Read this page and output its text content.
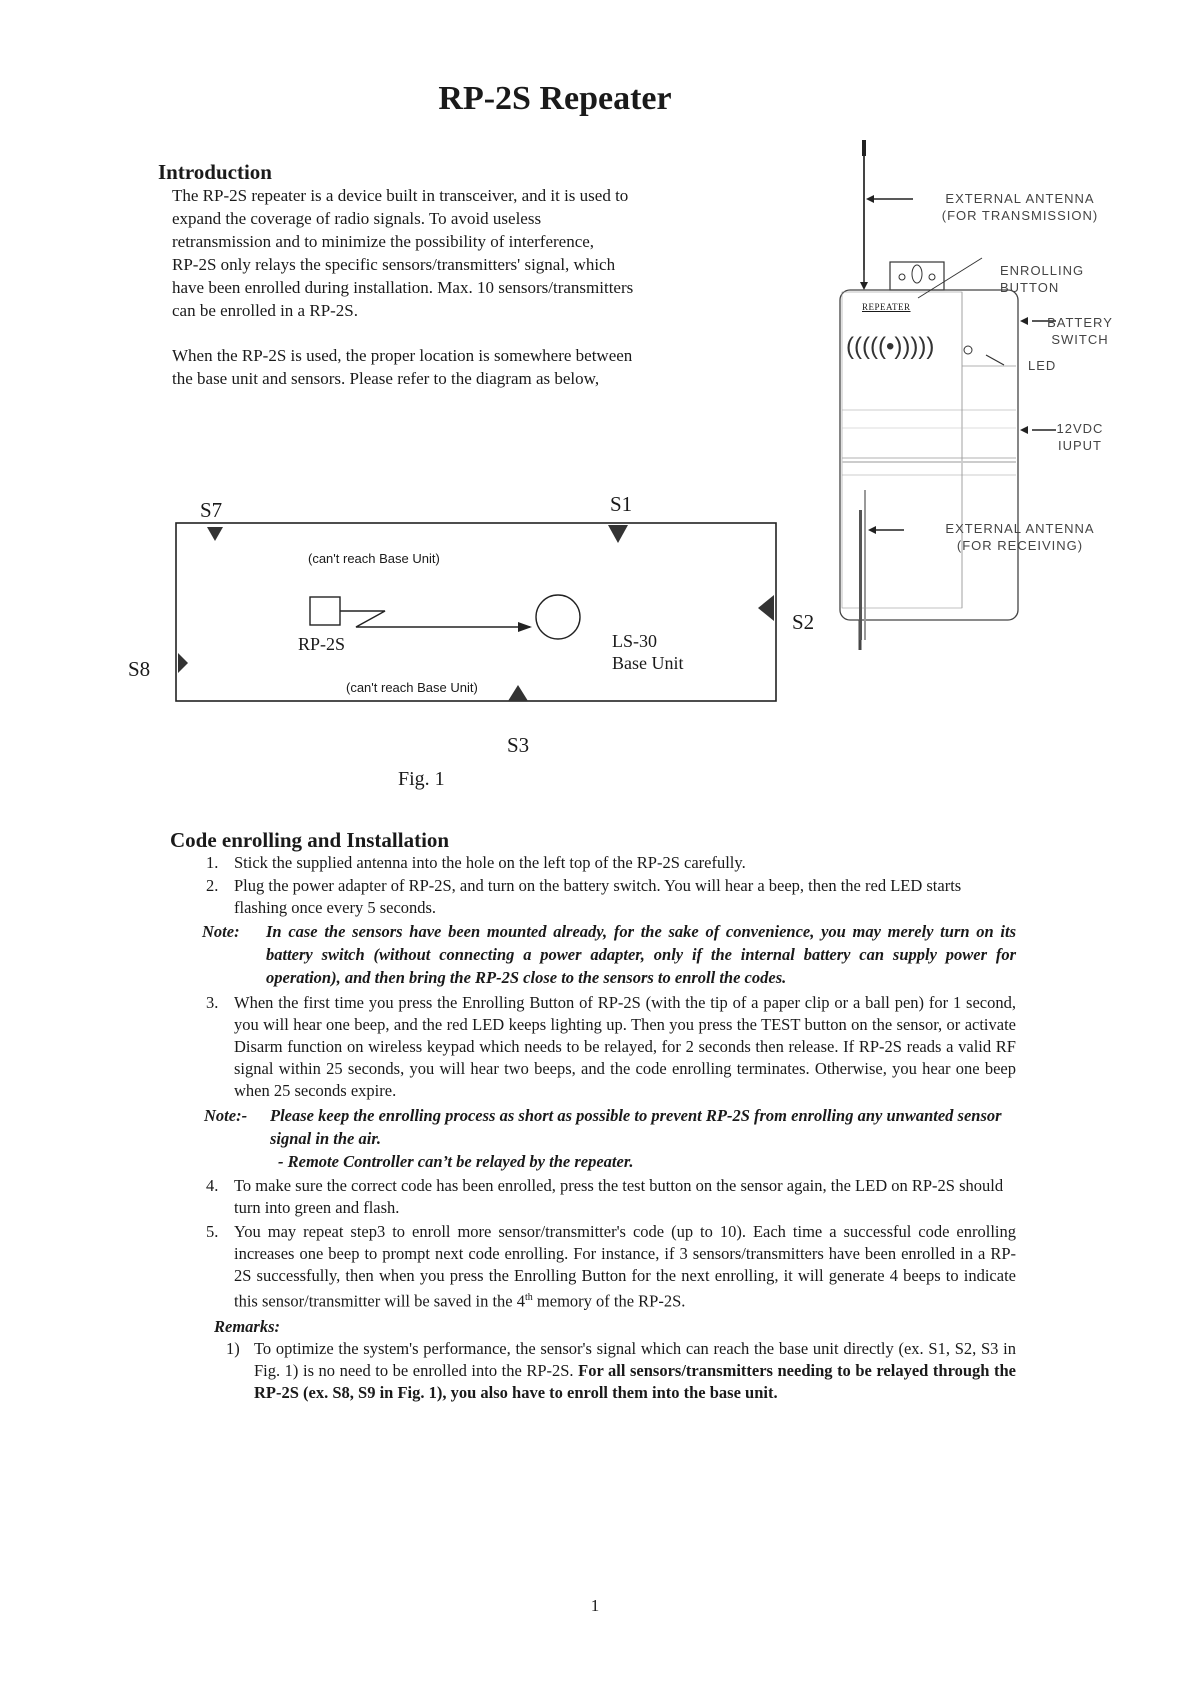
RP-2S Repeater
Introduction
The RP-2S repeater is a device built in transceiver, and it is used to
expand the coverage of radio signals. To avoid useless
retransmission and to minimize the possibility of interference,
RP-2S only relays the specific sensors/transmitters' signal, which
have been enrolled during installation. Max. 10 sensors/transmitters
can be enrolled in a RP-2S.
When the RP-2S is used, the proper location is somewhere between
the base unit and sensors. Please refer to the diagram as below,
(((((•)))))
EXTERNAL ANTENNA
(FOR TRANSMISSION)
ENROLLING
BUTTON
REPEATER
BATTERY
SWITCH
LED
12VDC
IUPUT
EXTERNAL ANTENNA
(FOR RECEIVING)
S7	S1
S2
S8
S3
(can't reach Base Unit)
(can't reach Base Unit)
RP-2S	LS-30
Base Unit
Fig. 1
Code enrolling and Installation
1. Stick the supplied antenna into the hole on the left top of the RP-2S carefully.
2. Plug the power adapter of RP-2S, and turn on the battery switch. You will hear a beep, then the red LED starts flashing once every 5 seconds.
Note: In case the sensors have been mounted already, for the sake of convenience, you may merely turn on its battery switch (without connecting a power adapter, only if the internal battery can supply power for operation), and then bring the RP-2S close to the sensors to enroll the codes.
3. When the first time you press the Enrolling Button of RP-2S (with the tip of a paper clip or a ball pen) for 1 second, you will hear one beep, and the red LED keeps lighting up. Then you press the TEST button on the sensor, or activate Disarm function on wireless keypad which needs to be relayed, for 2 seconds then release. If RP-2S reads a valid RF signal within 25 seconds, you will hear two beeps, and the code enrolling terminates. Otherwise, you hear one beep when 25 seconds expire.
Note:- Please keep the enrolling process as short as possible to prevent RP-2S from enrolling any unwanted sensor signal in the air.
- Remote Controller can’t be relayed by the repeater.
4. To make sure the correct code has been enrolled, press the test button on the sensor again, the LED on RP-2S should turn into green and flash.
5. You may repeat step3 to enroll more sensor/transmitter's code (up to 10). Each time a successful code enrolling increases one beep to prompt next code enrolling. For instance, if 3 sensors/transmitters have been enrolled in a RP-2S successfully, then when you press the Enrolling Button for the next enrolling, it will generate 4 beeps to indicate this sensor/transmitter will be saved in the 4th memory of the RP-2S.
Remarks:
1) To optimize the system's performance, the sensor's signal which can reach the base unit directly (ex. S1, S2, S3 in Fig. 1) is no need to be enrolled into the RP-2S. For all sensors/transmitters needing to be relayed through the RP-2S (ex. S8, S9 in Fig. 1), you also have to enroll them into the base unit.
1
